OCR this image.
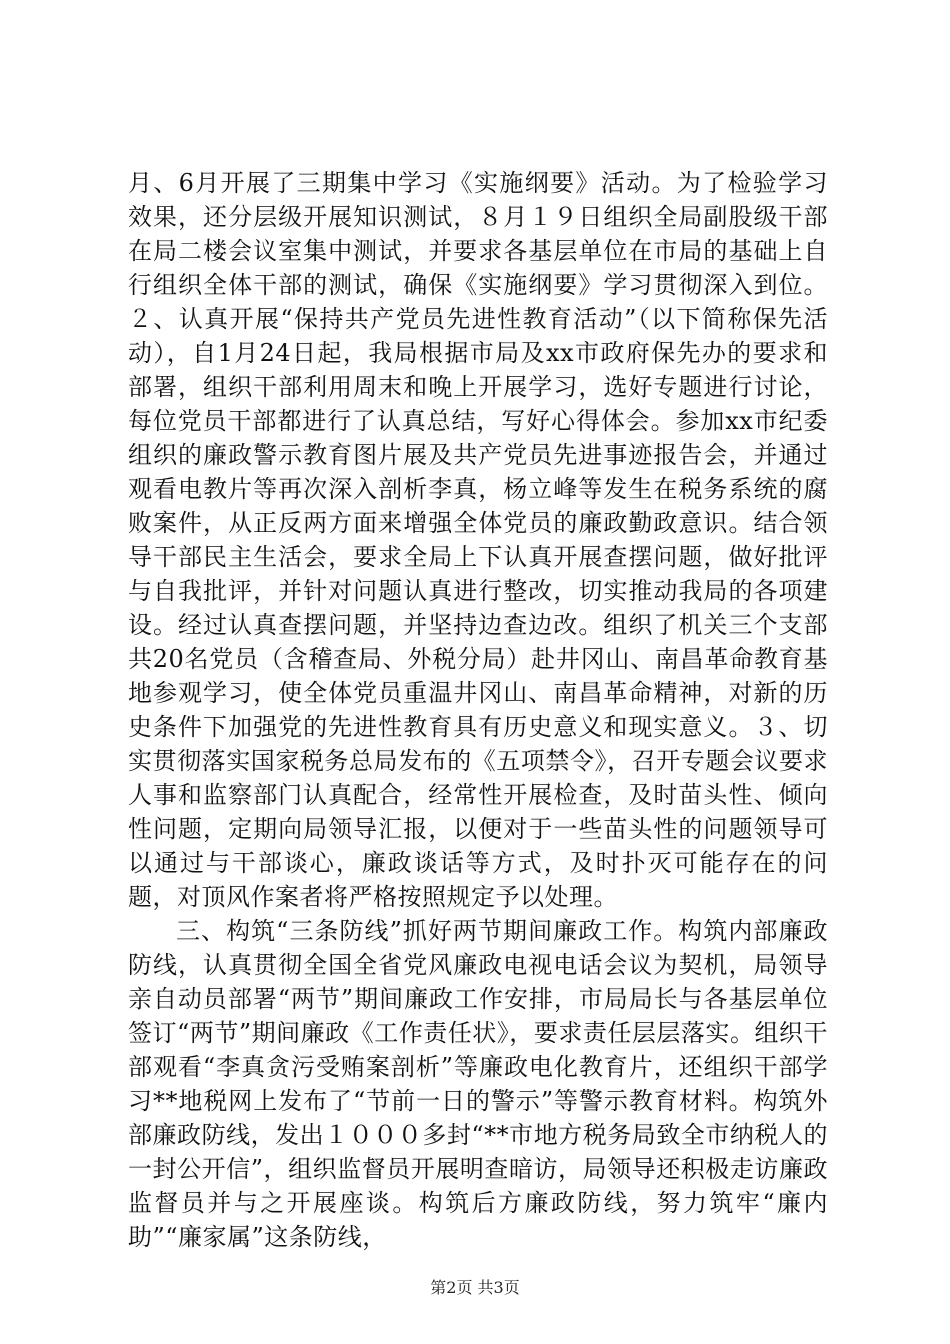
月、6月开展了三期集中学习《实施纲要》活动。为了检验学习效果，还分层级开展知识测试，８月１９日组织全局副股级干部在局二楼会议室集中测试，并要求各基层单位在市局的基础上自行组织全体干部的测试，确保《实施纲要》学习贯彻深入到位。２、认真开展“保持共产党员先进性教育活动”（以下简称保先活动），自1月24日起，我局根据市局及xx市政府保先办的要求和部署，组织干部利用周末和晚上开展学习，选好专题进行讨论，每位党员干部都进行了认真总结，写好心得体会。参加xx市纪委组织的廉政警示教育图片展及共产党员先进事迹报告会，并通过观看电教片等再次深入剖析李真，杨立峰等发生在税务系统的腐败案件，从正反两方面来增强全体党员的廉政勤政意识。结合领导干部民主生活会，要求全局上下认真开展查摆问题，做好批评与自我批评，并针对问题认真进行整改，切实推动我局的各项建设。经过认真查摆问题，并坚持边查边改。组织了机关三个支部共20名党员（含稽查局、外税分局）赴井冈山、南昌革命教育基地参观学习，使全体党员重温井冈山、南昌革命精神，对新的历史条件下加强党的先进性教育具有历史意义和现实意义。３、切实贯彻落实国家税务总局发布的《五项禁令》，召开专题会议要求人事和监察部门认真配合，经常性开展检查，及时苗头性、倾向性问题，定期向局领导汇报，以便对于一些苗头性的问题领导可以通过与干部谈心，廉政谈话等方式，及时扑灭可能存在的问题，对顶风作案者将严格按照规定予以处理。

三、构筑“三条防线”抓好两节期间廉政工作。构筑内部廉政防线，认真贯彻全国全省党风廉政电视电话会议为契机，局领导亲自动员部署“两节”期间廉政工作安排，市局局长与各基层单位签订“两节”期间廉政《工作责任状》，要求责任层层落实。组织干部观看“李真贪污受贿案剖析”等廉政电化教育片，还组织干部学习**地税网上发布了“节前一日的警示”等警示教育材料。构筑外部廉政防线，发出１０００多封“**市地方税务局致全市纳税人的一封公开信”，组织监督员开展明查暗访，局领导还积极走访廉政监督员并与之开展座谈。构筑后方廉政防线，努力筑牢“廉内助”“廉家属”这条防线，

第2页 共3页
